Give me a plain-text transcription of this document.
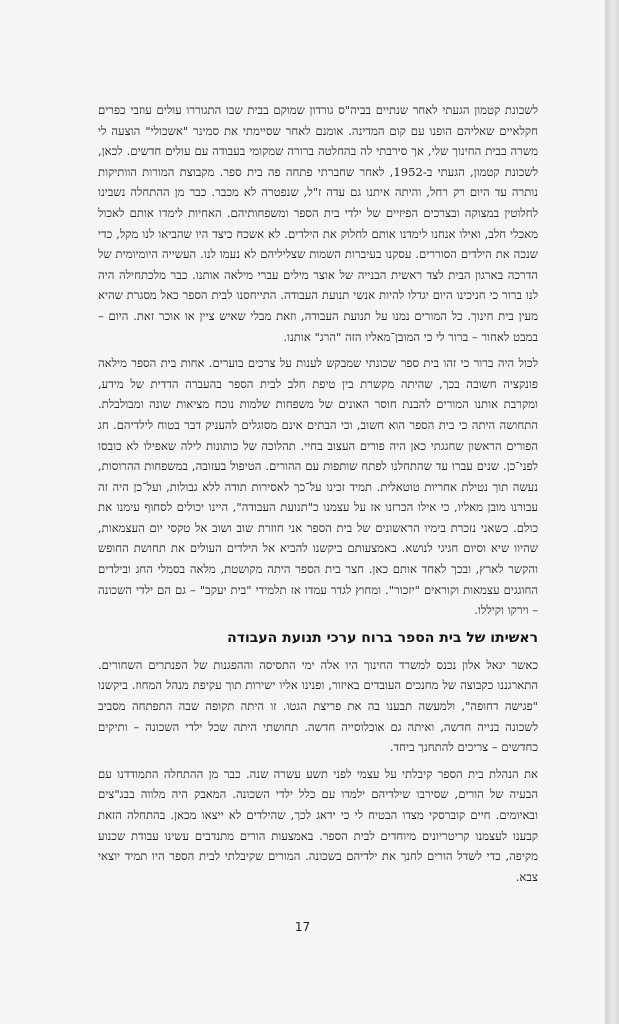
לשכונת קטמון הגעתי לאחר שנתיים בביה"ס גורדון שמוקם בבית שבו התגוררו עולים עוזבי כפרים חקלאיים שאליהם הופנו עם קום המדינה. אומנם לאחר שסיימתי את סמינר "אשכולי" הוצעה לי משרה בבית החינוך שלי, אך סירבתי לה בהחלטה ברורה שמקומי בעבודה עם עולים חדשים. לכאן, לשכונת קטמון, הגעתי ב-1952, לאחר שחברתי פתחה פה בית ספר. מקבוצת המורות הוותיקות נותרה עד היום רק רחל, והיתה איתנו גם עדה ז"ל, שנפטרה לא מכבר. כבר מן ההתחלה נשבינו לחלוטין במצוקה ובצרכים הפיזיים של ילדי בית הספר ומשפחותיהם. האחיות לימדו אותם לאכול מאכלי חלב, ואילו אנחנו לימדנו אותם לחלוק את הילדים. לא אשכח כיצד היו שהביאו לנו מקל, כדי שנכה את הילדים הסוררים. עסקנו בעיברות השמות שצליליהם לא נעמו לנו. העשייה היומיומית של הדרכה בארגון הבית לצד ראשית הבנייה של אוצר מילים עברי מילאה אותנו. כבר מלכתחילה היה לנו ברור כי חניכינו היום יגדלו להיות אנשי תנועת העבודה. התייחסנו לבית הספר כאל מסגרת שהיא מעין בית חינוך. כל המורים נמנו על תנועת העבודה, וזאת מבלי שאיש ציין או אוכר זאת. היום – במבט לאחור – ברור לי כי המובן־מאליו הזה "הרג" אותנו.

לכול היה ברור כי זהו בית ספר שכונתי שמבקש לענות על צרכים בוערים. אחות בית הספר מילאה פונקציה חשובה בכך, שהיתה מקשרת בין טיפת חלב לבית הספר בהעברה הדדית של מידע, ומקרבת אותנו המורים להבנת חוסר האונים של משפחות שלמות נוכח מציאות שונה ומבולבלת. התחושה היתה כי בית הספר הוא חשוב, וכי הבתים אינם מסוגלים להעניק דבר בטוח לילדיהם. חג הפורים הראשון שחגגתי כאן היה פורים העצוב בחיי. תהלוכה של כותונות לילה שאפילו לא כובסו לפני־כן. שנים עברו עד שהתחלנו לפתח שותפות עם ההורים. הטיפול בעזובה, במשפחות ההרוסות, נעשה תוך נטילת אחריות טוטאלית. תמיד זכינו על־כך לאסירות תודה ללא גבולות, ועל־כן היה זה עבורנו מובן מאליו, כי אילו הכרזנו אז על עצמנו כ"תנועת העבודה", היינו יכולים לסחוף עימנו את כולם. כשאני נזכרת בימיו הראשונים של בית הספר אני חוזרת שוב ושוב אל טקסי יום העצמאות, שהיוו שיא וסיום חגיגי לנושא. באמצעותם ביקשנו להביא אל הילדים העולים את תחושת החופש והקשר לארץ, ובכך לאחד אותם כאן. חצר בית הספר היתה מקושטת, מלאה בסמלי החג ובילדים החוגגים עצמאות וקוראים "יזכור". ומחוץ לגדר עמדו אז תלמידי "בית יעקב" – גם הם ילדי השכונה – וירקו וקיללו.

ראשיתו של בית הספר ברוח ערכי תנועת העבודה

כאשר יגאל אלון נכנס למשרד החינוך היו אלה ימי התסיסה וההפגנות של הפנתרים השחורים. התארגננו כקבוצה של מחנכים העובדים באיזור, ופנינו אליו ישירות תוך עקיפת מנהל המחוז. ביקשנו "פגישה דחופה", ולמעשה תבענו בה את פריצת הגטו. זו היתה תקופה שבה התפתחה מסביב לשכונה בנייה חדשה, ואיתה גם אוכלוסייה חדשה. תחושתי היתה שכל ילדי השכונה – ותיקים כחדשים – צריכים להתחנך ביחד.

את הנהלת בית הספר קיבלתי על עצמי לפני תשע עשרה שנה. כבר מן ההתחלה התמודדנו עם הבעיה של הורים, שסירבו שילדיהם ילמדו עם כלל ילדי השכונה. המאבק היה מלווה בבג"צים ובאיומים. חיים קוברסקי מצדו הבטיח לי כי ידאג לכך, שהילדים לא ייצאו מכאן. בהתחלה הזאת קבענו לעצמנו קריטריונים מיוחדים לבית הספר. באמצעות הורים מתנדבים עשינו עבודת שכנוע מקיפה, כדי לשדל הורים לחנך את ילדיהם בשכונה. המורים שקיבלתי לבית הספר היו תמיד יוצאי צבא.

17
